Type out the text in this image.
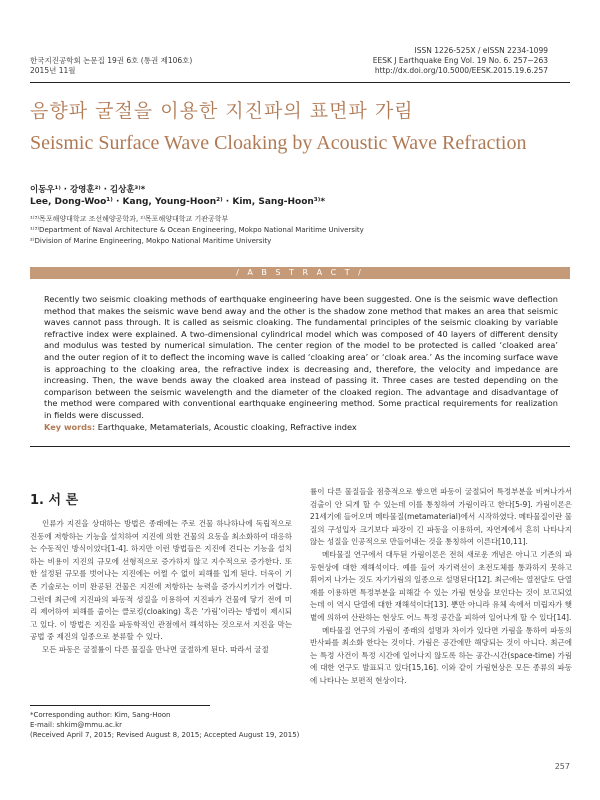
한국지진공학회 논문집 19권 6호 (통권 제106호)
2015년 11월
ISSN 1226-525X / eISSN 2234-1099
EESK J Earthquake Eng Vol. 19 No. 6. 257~263
http://dx.doi.org/10.5000/EESK.2015.19.6.257
음향파 굴절을 이용한 지진파의 표면파 가림
Seismic Surface Wave Cloaking by Acoustic Wave Refraction
이동우¹⁾ · 강영훈²⁾ · 김상훈³⁾*
Lee, Dong-Woo¹⁾ · Kang, Young-Hoon²⁾ · Kim, Sang-Hoon³⁾*
¹⁾³⁾목포해양대학교 조선해양공학과, ²⁾목포해양대학교 기관공학부
¹⁾³⁾Department of Naval Architecture & Ocean Engineering, Mokpo National Maritime University
²⁾Division of Marine Engineering, Mokpo National Maritime University
/ A B S T R A C T /
Recently two seismic cloaking methods of earthquake engineering have been suggested. One is the seismic wave deflection method that makes the seismic wave bend away and the other is the shadow zone method that makes an area that seismic waves cannot pass through. It is called as seismic cloaking. The fundamental principles of the seismic cloaking by variable refractive index were explained. A two-dimensional cylindrical model which was composed of 40 layers of different density and modulus was tested by numerical simulation. The center region of the model to be protected is called ‘cloaked area’ and the outer region of it to deflect the incoming wave is called ‘cloaking area’ or ‘cloak area.’ As the incoming surface wave is approaching to the cloaking area, the refractive index is decreasing and, therefore, the velocity and impedance are increasing. Then, the wave bends away the cloaked area instead of passing it. Three cases are tested depending on the comparison between the seismic wavelength and the diameter of the cloaked region. The advantage and disadvantage of the method were compared with conventional earthquake engineering method. Some practical requirements for realization in fields were discussed.
Key words: Earthquake, Metamaterials, Acoustic cloaking, Refractive index
1. 서 론

인류가 지진을 상대하는 방법은 종래에는 주로 건물 하나하나에 독립적으로 진동에 저항하는 기능을 설치하여 지진에 의한 건물의 요동을 최소화하여 대응하는 수동적인 방식이었다[1-4]. 하지만 이런 방법들은 지진에 견디는 기능을 설치하는 비용이 지진의 규모에 선형적으로 증가하지 않고 지수적으로 증가한다. 또한 설정된 규모를 벗어나는 지진에는 어쩔 수 없이 피해를 입게 된다. 더욱이 기존 기술로는 이미 완공된 건물은 지진에 저항하는 능력을 증가시키기가 어렵다. 그런데 최근에 지진파의 파동적 성질을 이용하여 지진파가 건물에 닿기 전에 미리 제어하여 피해를 줄이는 클로킹(cloaking) 혹은 ‘가림’이라는 방법이 제시되고 있다. 이 방법은 지진을 파동학적인 관점에서 해석하는 것으로서 지진을 막는 공법 중 제진의 일종으로 분류할 수 있다.

모든 파동은 굴절률이 다른 물질을 만나면 굴절하게 된다. 따라서 굴절

률이 다른 물질들을 점층적으로 쌓으면 파동이 굴절되어 특정부분을 비켜나가서 검출이 안 되게 할 수 있는데 이를 통칭하여 가림이라고 한다[5-9]. 가림이론은 21세기에 들어오며 메타물질(metamaterial)에서 시작하였다. 메타물질이란 물질의 구성입자 크기보다 파장이 긴 파동을 이용하여, 자연계에서 흔히 나타나지 않는 성질을 인공적으로 만들어내는 것을 통칭하여 이른다[10,11].

메타물질 연구에서 대두된 가림이론은 전혀 새로운 개념은 아니고 기존의 파동현상에 대한 재해석이다. 예를 들어 자기력선이 초전도체를 통과하지 못하고 휘어져 나가는 것도 자기가림의 일종으로 설명된다[12]. 최근에는 열전달도 단열재를 이용하면 특정부분을 피해갈 수 있는 가림 현상을 보인다는 것이 보고되었는데 이 역시 단열에 대한 재해석이다[13]. 뿐만 아니라 유체 속에서 미립자가 햇볕에 의하여 산란하는 현상도 어느 특정 공간을 피하여 일어나게 할 수 있다[14].

메타물질 연구의 가림이 종래의 설명과 차이가 있다면 가림을 통하여 파동의 반사파를 최소화 한다는 것이다. 가림은 공간에만 해당되는 것이 아니다. 최근에는 특정 사건이 특정 시간에 일어나지 않도록 하는 공간-시간(space-time) 가림에 대한 연구도 발표되고 있다[15,16]. 이와 같이 가림현상은 모든 종류의 파동에 나타나는 보편적 현상이다.

*Corresponding author: Kim, Sang-Hoon
E-mail: shkim@mmu.ac.kr
(Received April 7, 2015; Revised August 8, 2015; Accepted August 19, 2015)
257
